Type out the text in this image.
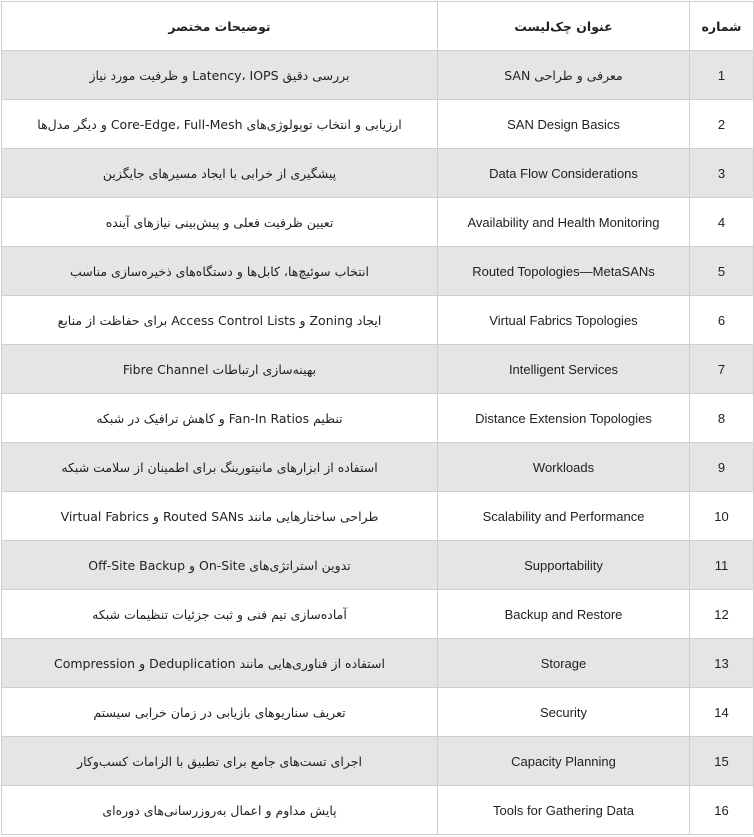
شماره	عنوان چک‌لیست	توضیحات مختصر
1	معرفی و طراحی SAN	بررسی دقیق Latency، IOPS و ظرفیت مورد نیاز
2	SAN Design Basics	ارزیابی و انتخاب توپولوژی‌های Core-Edge، Full-Mesh و دیگر مدل‌ها
3	Data Flow Considerations	پیشگیری از خرابی با ایجاد مسیرهای جایگزین
4	Availability and Health Monitoring	تعیین ظرفیت فعلی و پیش‌بینی نیازهای آینده
5	Routed Topologies—MetaSANs	انتخاب سوئیچ‌ها، کابل‌ها و دستگاه‌های ذخیره‌سازی مناسب
6	Virtual Fabrics Topologies	ایجاد Zoning و Access Control Lists برای حفاظت از منابع
7	Intelligent Services	بهینه‌سازی ارتباطات Fibre Channel
8	Distance Extension Topologies	تنظیم Fan-In Ratios و کاهش ترافیک در شبکه
9	Workloads	استفاده از ابزارهای مانیتورینگ برای اطمینان از سلامت شبکه
10	Scalability and Performance	طراحی ساختارهایی مانند Routed SANs و Virtual Fabrics
11	Supportability	تدوین استراتژی‌های On-Site و Off-Site Backup
12	Backup and Restore	آماده‌سازی تیم فنی و ثبت جزئیات تنظیمات شبکه
13	Storage	استفاده از فناوری‌هایی مانند Deduplication و Compression
14	Security	تعریف سناریوهای بازیابی در زمان خرابی سیستم
15	Capacity Planning	اجرای تست‌های جامع برای تطبیق با الزامات کسب‌وکار
16	Tools for Gathering Data	پایش مداوم و اعمال به‌روزرسانی‌های دوره‌ای
